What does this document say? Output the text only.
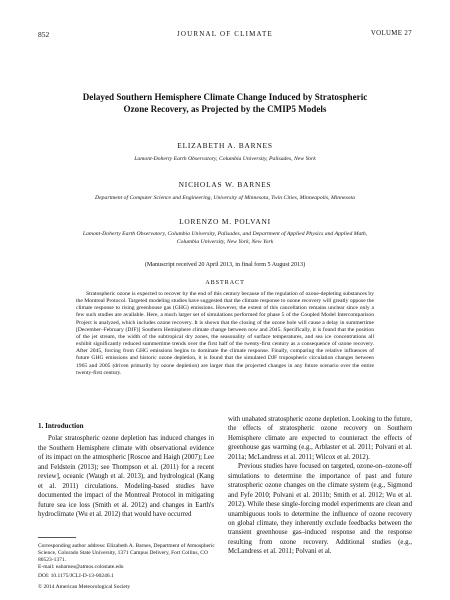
852	JOURNAL OF CLIMATE	VOLUME 27
Delayed Southern Hemisphere Climate Change Induced by Stratospheric Ozone Recovery, as Projected by the CMIP5 Models
ELIZABETH A. BARNES
Lamont-Doherty Earth Observatory, Columbia University, Palisades, New York
NICHOLAS W. BARNES
Department of Computer Science and Engineering, University of Minnesota, Twin Cities, Minneapolis, Minnesota
LORENZO M. POLVANI
Lamont-Doherty Earth Observatory, Columbia University, Palisades, and Department of Applied Physics and Applied Math, Columbia University, New York, New York
(Manuscript received 20 April 2013, in final form 5 August 2013)
ABSTRACT
Stratospheric ozone is expected to recover by the end of this century because of the regulation of ozone-depleting substances by the Montreal Protocol. Targeted modeling studies have suggested that the climate response to ozone recovery will greatly oppose the climate response to rising greenhouse gas (GHG) emissions. However, the extent of this cancellation remains unclear since only a few such studies are available. Here, a much larger set of simulations performed for phase 5 of the Coupled Model Intercomparison Project is analyzed, which includes ozone recovery. It is shown that the closing of the ozone hole will cause a delay in summertime [December–February (DJF)] Southern Hemisphere climate change between now and 2045. Specifically, it is found that the position of the jet stream, the width of the subtropical dry zones, the seasonality of surface temperatures, and sea ice concentrations all exhibit significantly reduced summertime trends over the first half of the twenty-first century as a consequence of ozone recovery. After 2045, forcing from GHG emissions begins to dominate the climate response. Finally, comparing the relative influences of future GHG emissions and historic ozone depletion, it is found that the simulated DJF tropospheric circulation changes between 1965 and 2005 (driven primarily by ozone depletion) are larger than the projected changes in any future scenario over the entire twenty-first century.
1. Introduction

Polar stratospheric ozone depletion has induced changes in the Southern Hemisphere climate with observational evidence of its impact on the atmospheric [Roscoe and Haigh (2007); Lee and Feldstein (2013); see Thompson et al. (2011) for a recent review], oceanic (Waugh et al. 2013), and hydrological (Kang et al. 2011) circulations. Modeling-based studies have documented the impact of the Montreal Protocol in mitigating future sea ice loss (Smith et al. 2012) and changes in Earth's hydroclimate (Wu et al. 2012) that would have occurred

with unabated stratospheric ozone depletion. Looking to the future, the effects of stratospheric ozone recovery on Southern Hemisphere climate are expected to counteract the effects of greenhouse gas warming (e.g., Arblaster et al. 2011; Polvani et al. 2011a; McLandress et al. 2011; Wilcox et al. 2012).

Previous studies have focused on targeted, ozone-on–ozone-off simulations to determine the importance of past and future stratospheric ozone changes on the climate system (e.g., Sigmond and Fyfe 2010; Polvani et al. 2011b; Smith et al. 2012; Wu et al. 2012). While these single-forcing model experiments are clean and unambiguous tools to determine the influence of ozone recovery on global climate, they inherently exclude feedbacks between the transient greenhouse gas–induced response and the response resulting from ozone recovery. Additional studies (e.g., McLandress et al. 2011; Polvani et al.

Corresponding author address: Elizabeth A. Barnes, Department of Atmospheric Science, Colorado State University, 1371 Campus Delivery, Fort Collins, CO 80523-1371.
E-mail: eabarnes@atmos.colostate.edu
DOI: 10.1175/JCLI-D-13-00246.1
© 2014 American Meteorological Society
